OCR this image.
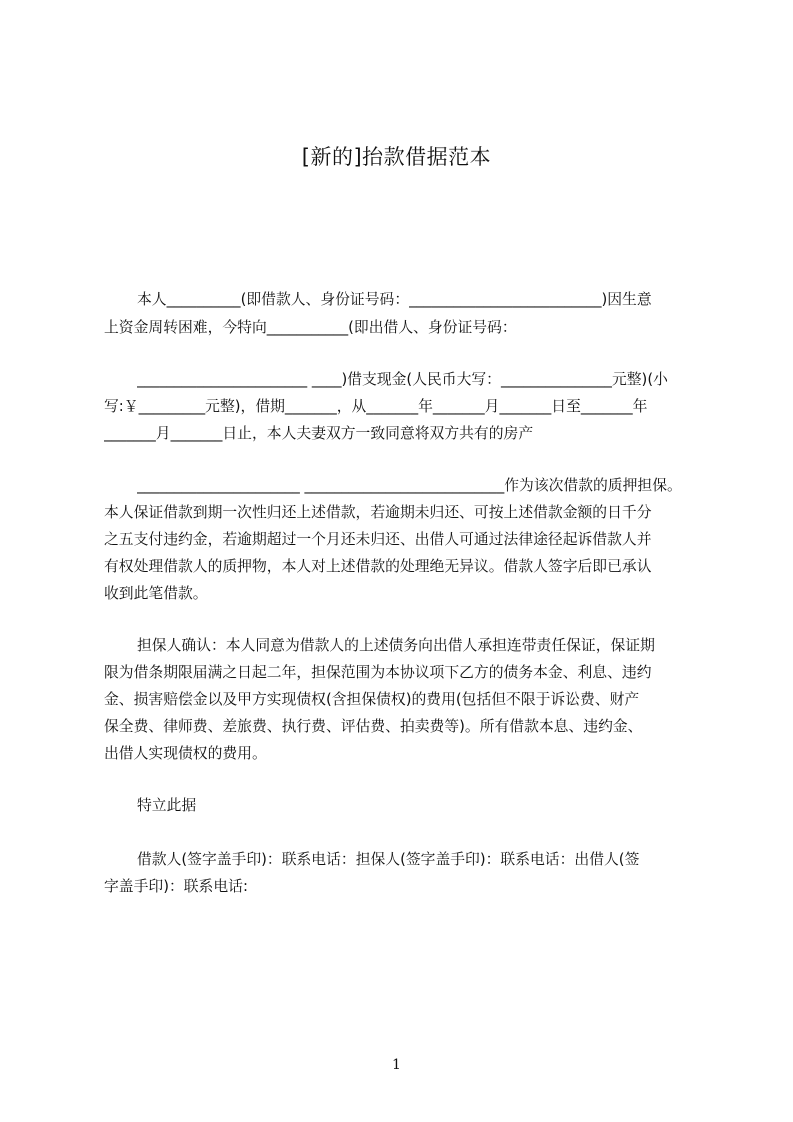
[新的]抬款借据范本
本人__________(即借款人、身份证号码：__________________________)因生意
上资金周转困难，今特向___________(即出借人、身份证号码：
_______________________ ____)借支现金(人民币大写：_______________元整)(小
写:￥_________元整)，借期_______，从_______年_______月_______日至_______年
_______月_______日止，本人夫妻双方一致同意将双方共有的房产
______________________ ___________________________作为该次借款的质押担保。
本人保证借款到期一次性归还上述借款，若逾期未归还、可按上述借款金额的日千分
之五支付违约金，若逾期超过一个月还未归还、出借人可通过法律途径起诉借款人并
有权处理借款人的质押物，本人对上述借款的处理绝无异议。借款人签字后即已承认
收到此笔借款。
担保人确认：本人同意为借款人的上述债务向出借人承担连带责任保证，保证期
限为借条期限届满之日起二年，担保范围为本协议项下乙方的债务本金、利息、违约
金、损害赔偿金以及甲方实现债权(含担保债权)的费用(包括但不限于诉讼费、财产
保全费、律师费、差旅费、执行费、评估费、拍卖费等)。所有借款本息、违约金、
出借人实现债权的费用。
特立此据
借款人(签字盖手印)：联系电话：担保人(签字盖手印)：联系电话：出借人(签
字盖手印)：联系电话:
1
